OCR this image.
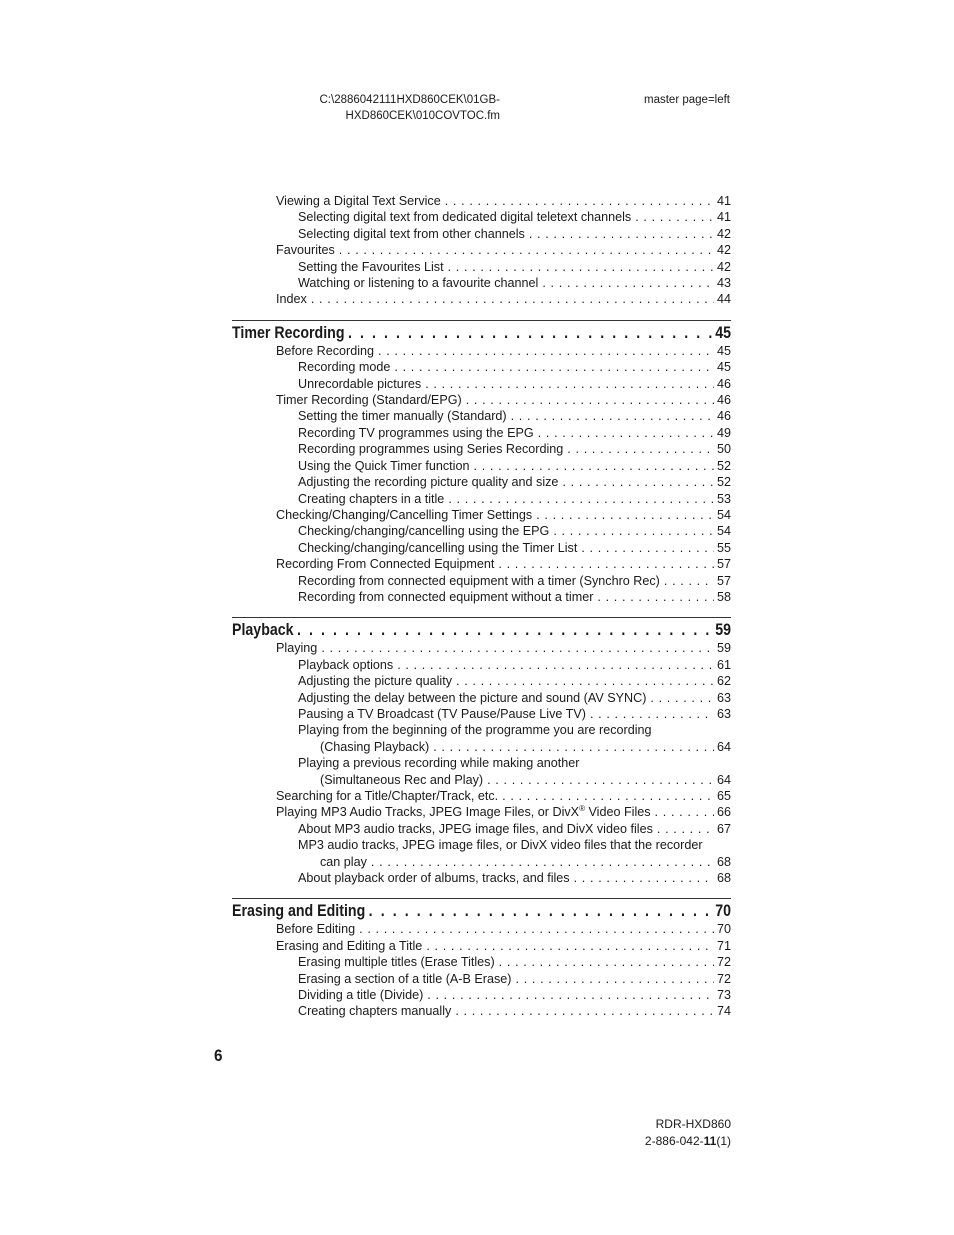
C:\2886042111HXD860CEK\01GB-
HXD860CEK\010COVTOC.fm
master page=left
Viewing a Digital Text Service . . .	41
Selecting digital text from dedicated digital teletext channels . . .	41
Selecting digital text from other channels . . .	42
Favourites . . .	42
Setting the Favourites List . . .	42
Watching or listening to a favourite channel . . .	43
Index . . .	44
Timer Recording . . .	45
Before Recording . . .	45
Recording mode . . .	45
Unrecordable pictures . . .	46
Timer Recording (Standard/EPG) . . .	46
Setting the timer manually (Standard) . . .	46
Recording TV programmes using the EPG . . .	49
Recording programmes using Series Recording . . .	50
Using the Quick Timer function . . .	52
Adjusting the recording picture quality and size . . .	52
Creating chapters in a title . . .	53
Checking/Changing/Cancelling Timer Settings . . .	54
Checking/changing/cancelling using the EPG . . .	54
Checking/changing/cancelling using the Timer List . . .	55
Recording From Connected Equipment . . .	57
Recording from connected equipment with a timer (Synchro Rec) . . .	57
Recording from connected equipment without a timer . . .	58
Playback . . .	59
Playing . . .	59
Playback options . . .	61
Adjusting the picture quality . . .	62
Adjusting the delay between the picture and sound (AV SYNC) . . .	63
Pausing a TV Broadcast (TV Pause/Pause Live TV) . . .	63
Playing from the beginning of the programme you are recording
(Chasing Playback) . . .	64
Playing a previous recording while making another
(Simultaneous Rec and Play) . . .	64
Searching for a Title/Chapter/Track, etc. . . .	65
Playing MP3 Audio Tracks, JPEG Image Files, or DivX® Video Files . . .	66
About MP3 audio tracks, JPEG image files, and DivX video files . . .	67
MP3 audio tracks, JPEG image files, or DivX video files that the recorder
can play . . .	68
About playback order of albums, tracks, and files . . .	68
Erasing and Editing . . .	70
Before Editing . . .	70
Erasing and Editing a Title . . .	71
Erasing multiple titles (Erase Titles) . . .	72
Erasing a section of a title (A-B Erase) . . .	72
Dividing a title (Divide) . . .	73
Creating chapters manually . . .	74
6
RDR-HXD860
2-886-042-11(1)
